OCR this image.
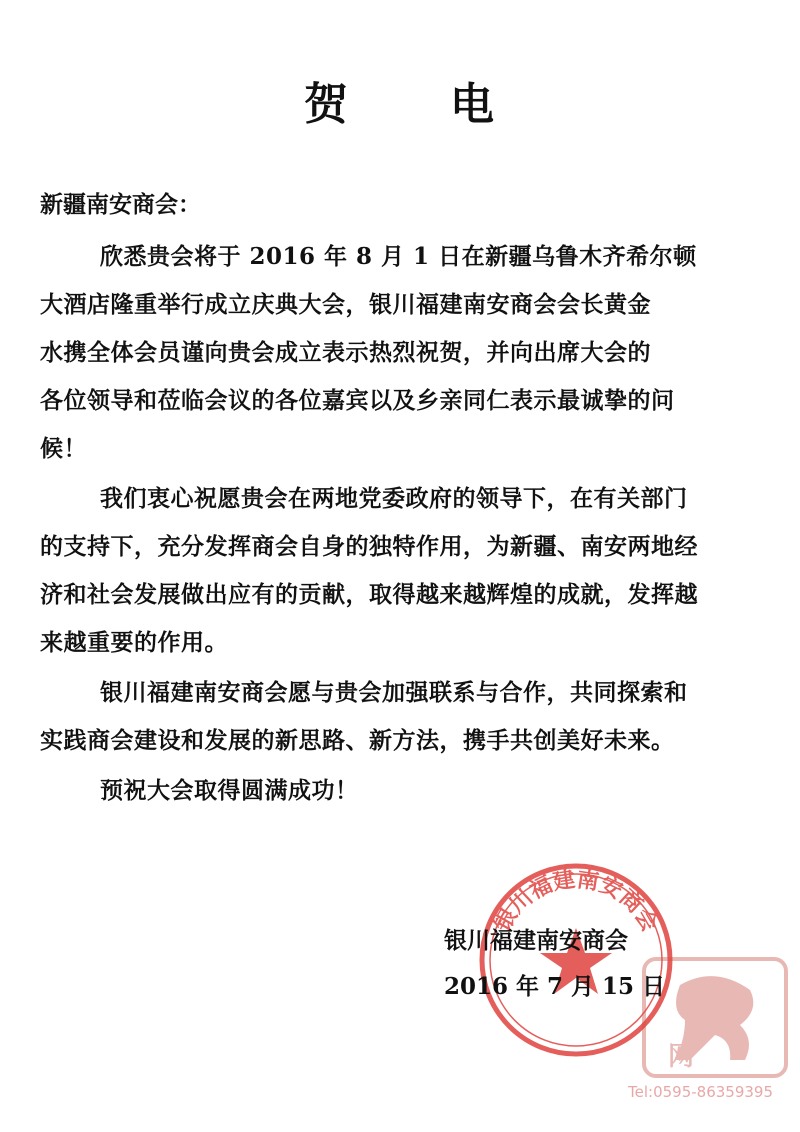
贺 电
新疆南安商会：
欣悉贵会将于 2016 年 8 月 1 日在新疆乌鲁木齐希尔顿
大酒店隆重举行成立庆典大会，银川福建南安商会会长黄金
水携全体会员谨向贵会成立表示热烈祝贺，并向出席大会的
各位领导和莅临会议的各位嘉宾以及乡亲同仁表示最诚挚的问
候！
我们衷心祝愿贵会在两地党委政府的领导下，在有关部门
的支持下，充分发挥商会自身的独特作用，为新疆、南安两地经
济和社会发展做出应有的贡献，取得越来越辉煌的成就，发挥越
来越重要的作用。
银川福建南安商会愿与贵会加强联系与合作，共同探索和
实践商会建设和发展的新思路、新方法，携手共创美好未来。
预祝大会取得圆满成功！
银川福建南安商会
银川福建南安商会
2016 年 7 月 15 日
网
Tel:0595-86359395
